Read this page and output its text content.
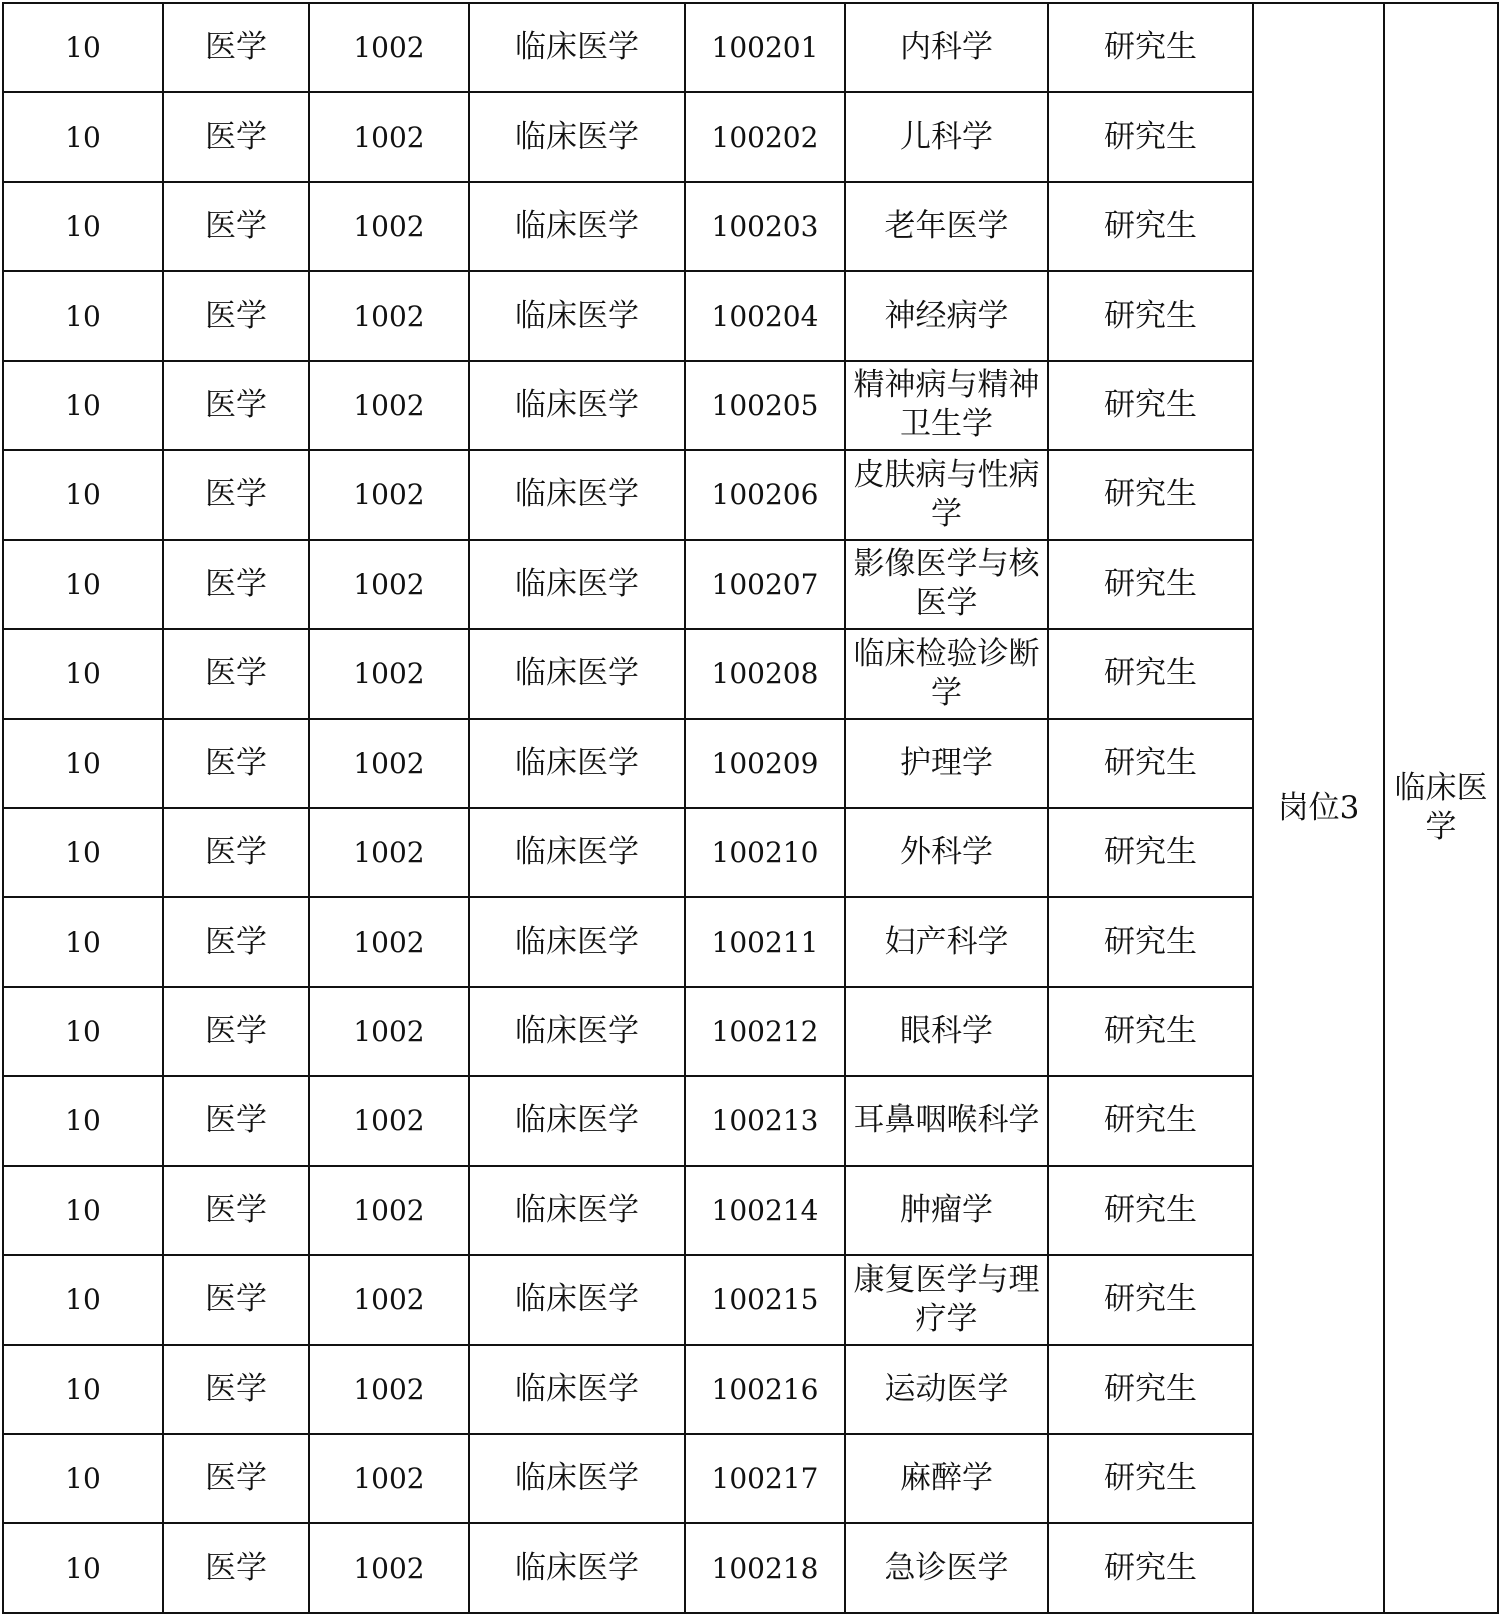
10	医学	1002	临床医学	100201	内科学	研究生	岗位3	临床医学
10	医学	1002	临床医学	100202	儿科学	研究生		
10	医学	1002	临床医学	100203	老年医学	研究生		
10	医学	1002	临床医学	100204	神经病学	研究生		
10	医学	1002	临床医学	100205	精神病与精神卫生学	研究生		
10	医学	1002	临床医学	100206	皮肤病与性病学	研究生		
10	医学	1002	临床医学	100207	影像医学与核医学	研究生		
10	医学	1002	临床医学	100208	临床检验诊断学	研究生		
10	医学	1002	临床医学	100209	护理学	研究生		
10	医学	1002	临床医学	100210	外科学	研究生		
10	医学	1002	临床医学	100211	妇产科学	研究生		
10	医学	1002	临床医学	100212	眼科学	研究生		
10	医学	1002	临床医学	100213	耳鼻咽喉科学	研究生		
10	医学	1002	临床医学	100214	肿瘤学	研究生		
10	医学	1002	临床医学	100215	康复医学与理疗学	研究生		
10	医学	1002	临床医学	100216	运动医学	研究生		
10	医学	1002	临床医学	100217	麻醉学	研究生		
10	医学	1002	临床医学	100218	急诊医学	研究生		
